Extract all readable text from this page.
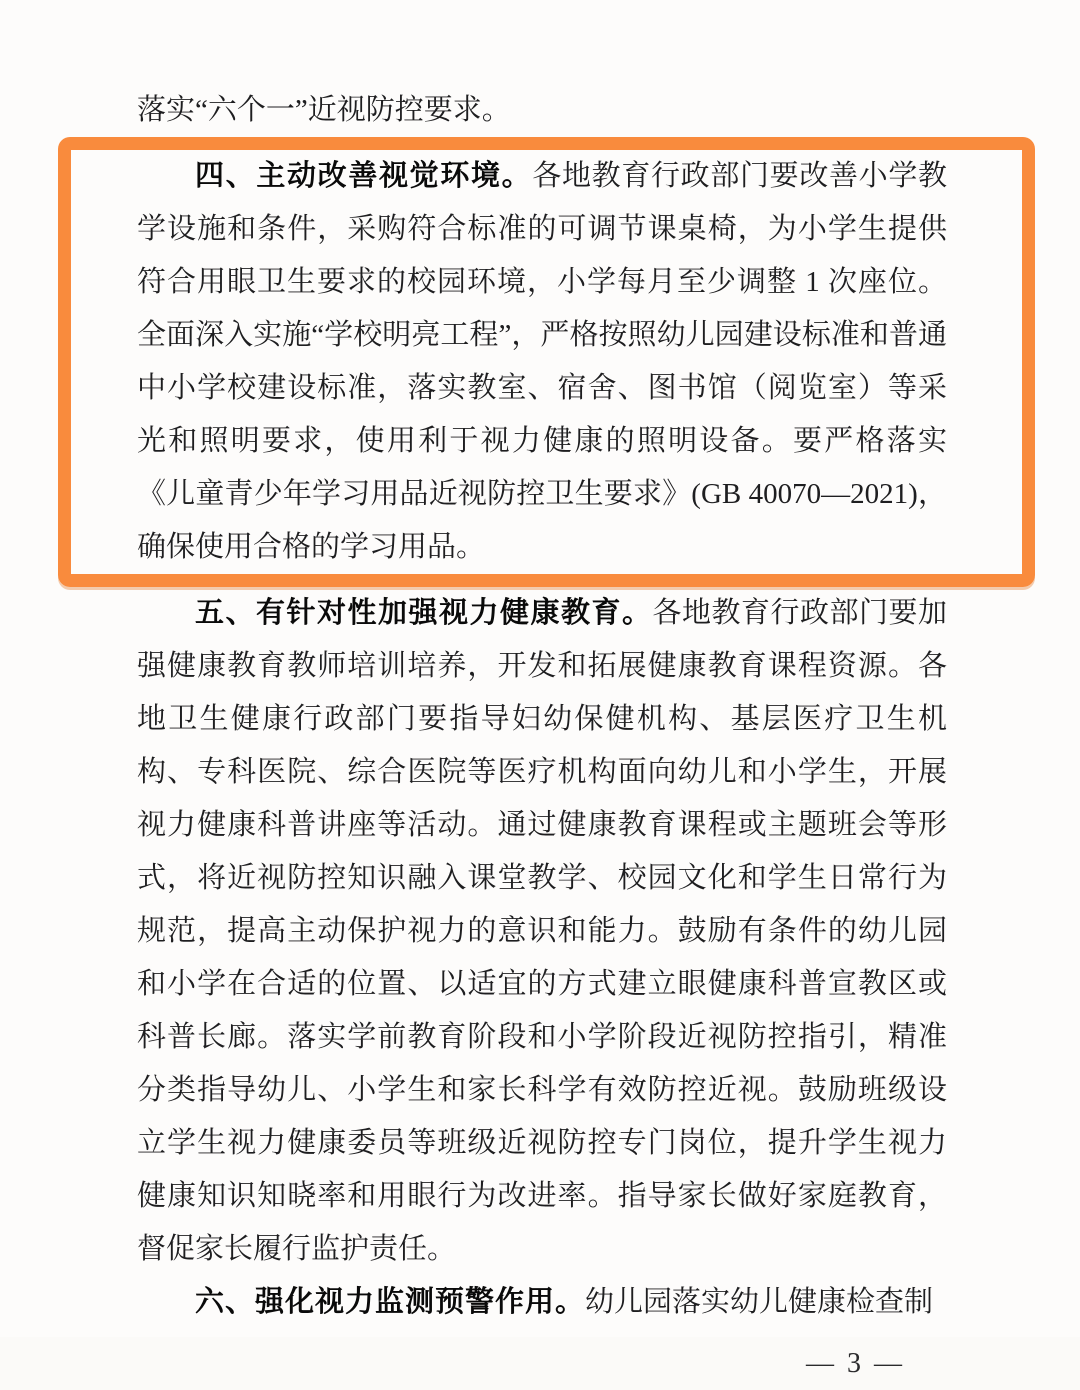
落实“六个一”近视防控要求。

四、主动改善视觉环境。各地教育行政部门要改善小学教学设施和条件，采购符合标准的可调节课桌椅，为小学生提供符合用眼卫生要求的校园环境，小学每月至少调整 1 次座位。全面深入实施“学校明亮工程”，严格按照幼儿园建设标准和普通中小学校建设标准，落实教室、宿舍、图书馆（阅览室）等采光和照明要求，使用利于视力健康的照明设备。要严格落实《儿童青少年学习用品近视防控卫生要求》(GB 40070—2021)，确保使用合格的学习用品。

五、有针对性加强视力健康教育。各地教育行政部门要加强健康教育教师培训培养，开发和拓展健康教育课程资源。各地卫生健康行政部门要指导妇幼保健机构、基层医疗卫生机构、专科医院、综合医院等医疗机构面向幼儿和小学生，开展视力健康科普讲座等活动。通过健康教育课程或主题班会等形式，将近视防控知识融入课堂教学、校园文化和学生日常行为规范，提高主动保护视力的意识和能力。鼓励有条件的幼儿园和小学在合适的位置、以适宜的方式建立眼健康科普宣教区或科普长廊。落实学前教育阶段和小学阶段近视防控指引，精准分类指导幼儿、小学生和家长科学有效防控近视。鼓励班级设立学生视力健康委员等班级近视防控专门岗位，提升学生视力健康知识知晓率和用眼行为改进率。指导家长做好家庭教育，督促家长履行监护责任。

六、强化视力监测预警作用。幼儿园落实幼儿健康检查制

— 3 —
